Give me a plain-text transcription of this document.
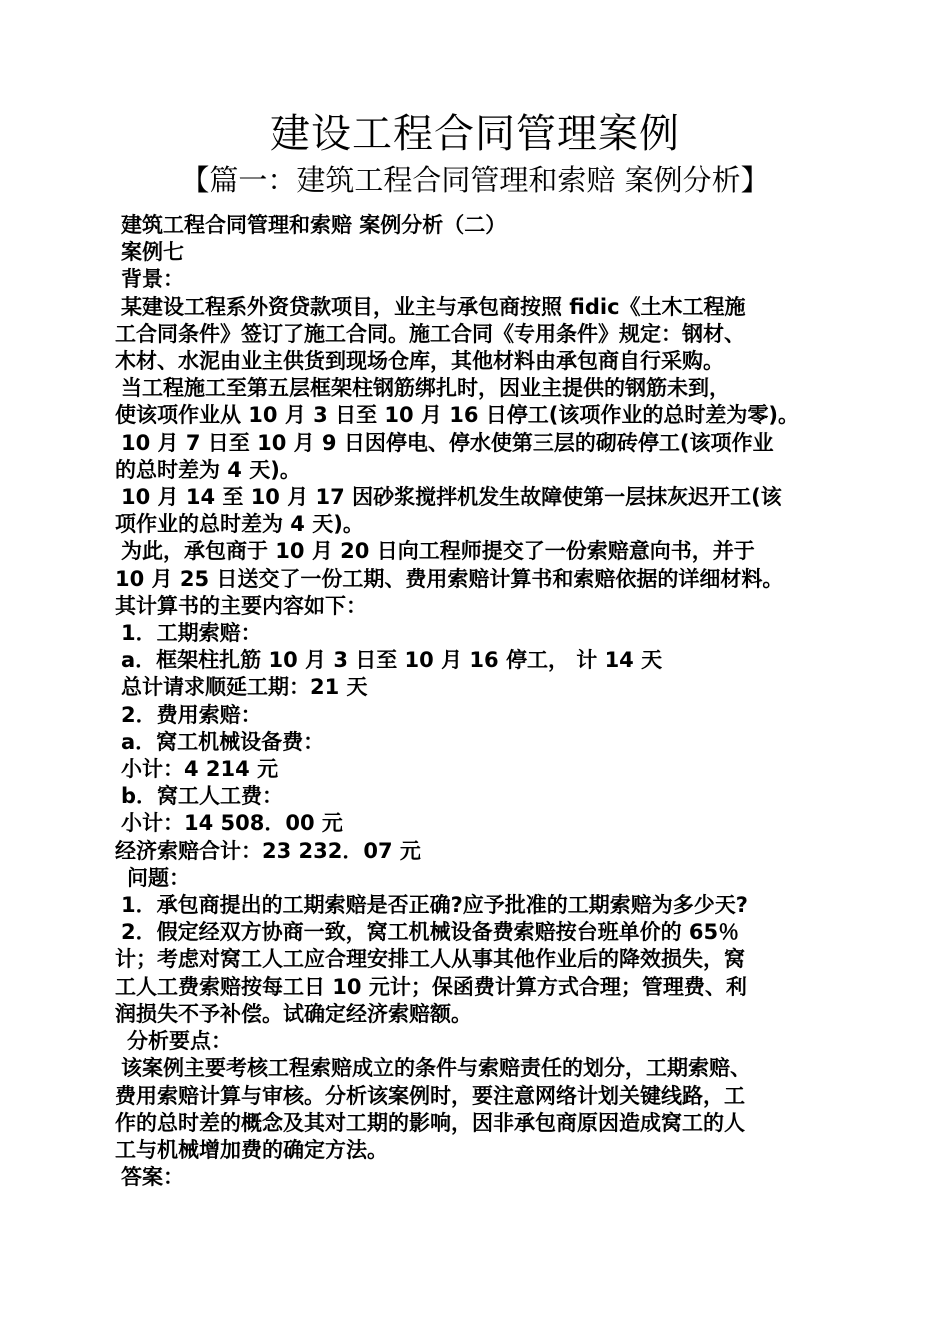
建设工程合同管理案例
【篇一：建筑工程合同管理和索赔 案例分析】
建筑工程合同管理和索赔 案例分析（二）
案例七
背景：
某建设工程系外资贷款项目，业主与承包商按照 fidic《土木工程施
工合同条件》签订了施工合同。施工合同《专用条件》规定：钢材、
木材、水泥由业主供货到现场仓库，其他材料由承包商自行采购。
当工程施工至第五层框架柱钢筋绑扎时，因业主提供的钢筋未到，
使该项作业从 10 月 3 日至 10 月 16 日停工(该项作业的总时差为零)。
10 月 7 日至 10 月 9 日因停电、停水使第三层的砌砖停工(该项作业
的总时差为 4 天)。
10 月 14 至 10 月 17 因砂浆搅拌机发生故障使第一层抹灰迟开工(该
项作业的总时差为 4 天)。
为此，承包商于 10 月 20 日向工程师提交了一份索赔意向书，并于
10 月 25 日送交了一份工期、费用索赔计算书和索赔依据的详细材料。
其计算书的主要内容如下：
1．工期索赔：
a．框架柱扎筋 10 月 3 日至 10 月 16 停工， 计 14 天
总计请求顺延工期：21 天
2．费用索赔：
a．窝工机械设备费：
小计：4 214 元
b．窝工人工费：
小计：14 508．00 元
经济索赔合计：23 232．07 元
问题：
1．承包商提出的工期索赔是否正确?应予批准的工期索赔为多少天?
2．假定经双方协商一致，窝工机械设备费索赔按台班单价的 65％
计；考虑对窝工人工应合理安排工人从事其他作业后的降效损失，窝
工人工费索赔按每工日 10 元计；保函费计算方式合理；管理费、利
润损失不予补偿。试确定经济索赔额。
分析要点：
该案例主要考核工程索赔成立的条件与索赔责任的划分，工期索赔、
费用索赔计算与审核。分析该案例时，要注意网络计划关键线路，工
作的总时差的概念及其对工期的影响，因非承包商原因造成窝工的人
工与机械增加费的确定方法。
答案：
